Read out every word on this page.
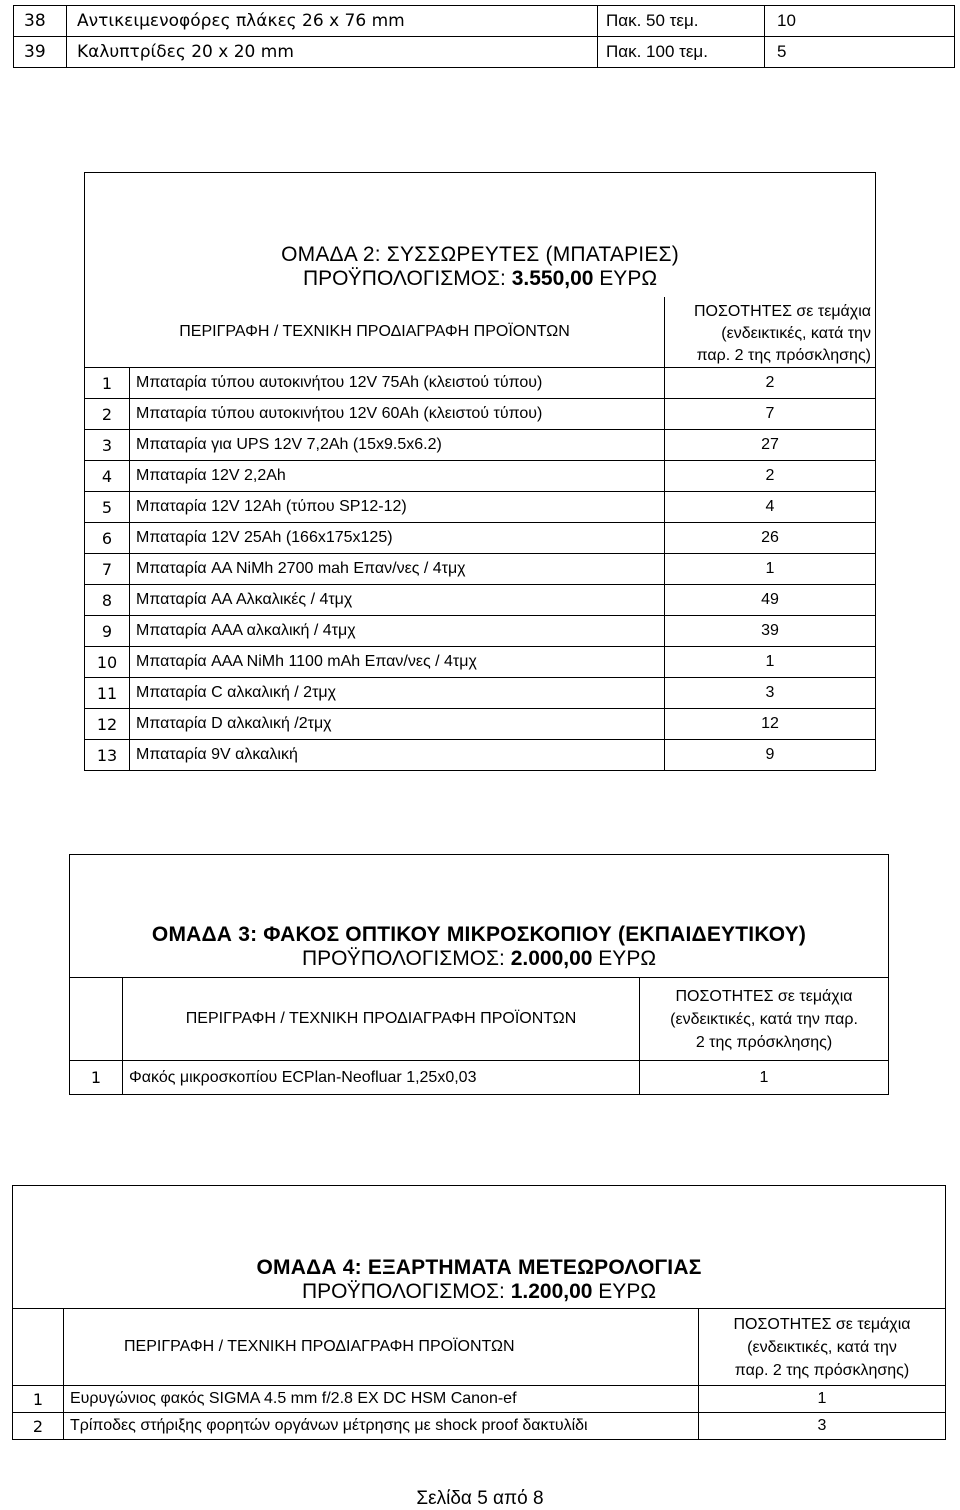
38	Αντικειμενοφόρες πλάκες 26 x 76 mm	Πακ. 50 τεμ.	10
39	Καλυπτρίδες 20 x 20 mm	Πακ. 100 τεμ.	5
ΟΜΑΔΑ 2: ΣΥΣΣΩΡΕΥΤΕΣ (ΜΠΑΤΑΡΙΕΣ)
ΠΡΟΫΠΟΛΟΓΙΣΜΟΣ: 3.550,00 ΕΥΡΩ		

ΠΕΡΙΓΡΑΦΗ / ΤΕΧΝΙΚΗ ΠΡΟΔΙΑΓΡΑΦΗ ΠΡΟΪΟΝΤΩΝ		ΠΟΣΟΤΗΤΕΣ σε τεμάχια
(ενδεικτικές, κατά την
παρ. 2 της πρόσκλησης)

1	Μπαταρία τύπου αυτοκινήτου 12V 75Ah (κλειστού τύπου)	2
2	Μπαταρία τύπου αυτοκινήτου 12V 60Ah (κλειστού τύπου)	7
3	Μπαταρία για UPS 12V 7,2Ah (15x9.5x6.2)	27
4	Μπαταρία 12V 2,2Ah	2
5	Μπαταρία 12V 12Ah (τύπου SP12-12)	4
6	Μπαταρία 12V 25Ah (166x175x125)	26
7	Μπαταρία AA NiMh 2700 mah Επαν/νες / 4τμχ	1
8	Μπαταρία AA Αλκαλικές / 4τμχ	49
9	Μπαταρία AAA αλκαλική / 4τμχ	39
10	Μπαταρία AAA NiMh 1100 mAh Επαν/νες / 4τμχ	1
11	Μπαταρία C αλκαλική / 2τμχ	3
12	Μπαταρία D αλκαλική /2τμχ	12
13	Μπαταρία 9V αλκαλική	9
ΟΜΑΔΑ 3: ΦΑΚΟΣ ΟΠΤΙΚΟΥ ΜΙΚΡΟΣΚΟΠΙΟΥ (ΕΚΠΑΙΔΕΥΤΙΚΟΥ)
ΠΡΟΫΠΟΛΟΓΙΣΜΟΣ: 2.000,00 ΕΥΡΩ		

	ΠΕΡΙΓΡΑΦΗ / ΤΕΧΝΙΚΗ ΠΡΟΔΙΑΓΡΑΦΗ ΠΡΟΪΟΝΤΩΝ	ΠΟΣΟΤΗΤΕΣ σε τεμάχια
(ενδεικτικές, κατά την παρ.
2 της πρόσκλησης)

1	Φακός μικροσκοπίου ECPlan-Neofluar 1,25x0,03	1
ΟΜΑΔΑ 4: ΕΞΑΡΤΗΜΑΤΑ ΜΕΤΕΩΡΟΛΟΓΙΑΣ
ΠΡΟΫΠΟΛΟΓΙΣΜΟΣ: 1.200,00 ΕΥΡΩ		

	ΠΕΡΙΓΡΑΦΗ / ΤΕΧΝΙΚΗ ΠΡΟΔΙΑΓΡΑΦΗ ΠΡΟΪΟΝΤΩΝ	ΠΟΣΟΤΗΤΕΣ σε τεμάχια
(ενδεικτικές, κατά την
παρ. 2 της πρόσκλησης)

1	Ευρυγώνιος φακός SIGMA 4.5 mm f/2.8 EX DC HSM Canon-ef	1
2	Τρίποδες στήριξης φορητών οργάνων μέτρησης με shock proof δακτυλίδι	3
Σελίδα 5 από 8
